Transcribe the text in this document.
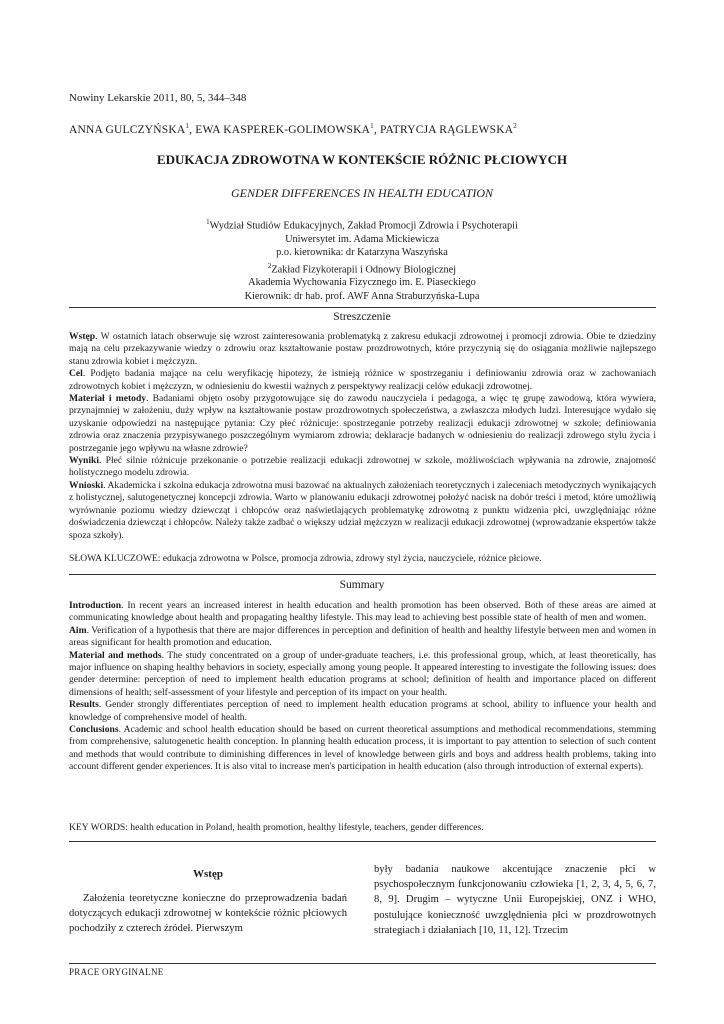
Nowiny Lekarskie 2011, 80, 5, 344–348
ANNA GULCZYŃSKA$^1$, EWA KASPEREK-GOLIMOWSKA$^1$, PATRYCJA RĄGLEWSKA$^2$
EDUKACJA ZDROWOTNA W KONTEKŚCIE RÓŻNIC PŁCIOWYCH
GENDER DIFFERENCES IN HEALTH EDUCATION
$^1$Wydział Studiów Edukacyjnych, Zakład Promocji Zdrowia i Psychoterapii
Uniwersytet im. Adama Mickiewicza
p.o. kierownika: dr Katarzyna Waszyńska
$^2$Zakład Fizykoterapii i Odnowy Biologicznej
Akademia Wychowania Fizycznego im. E. Piaseckiego
Kierownik: dr hab. prof. AWF Anna Straburzyńska-Lupa
Streszczenie

Wstęp. W ostatnich latach obserwuje się wzrost zainteresowania problematyką z zakresu edukacji zdrowotnej i promocji zdrowia. Obie te dziedziny mają na celu przekazywanie wiedzy o zdrowiu oraz kształtowanie postaw prozdrowotnych, które przyczynią się do osiągania możliwie najlepszego stanu zdrowia kobiet i mężczyzn.

Cel. Podjęto badania mające na celu weryfikację hipotezy, że istnieją różnice w spostrzeganiu i definiowaniu zdrowia oraz w zachowaniach zdrowotnych kobiet i mężczyzn, w odniesieniu do kwestii ważnych z perspektywy realizacji celów edukacji zdrowotnej.

Materiał i metody. Badaniami objęto osoby przygotowujące się do zawodu nauczyciela i pedagoga, a więc tę grupę zawodową, która wywiera, przynajmniej w założeniu, duży wpływ na kształtowanie postaw prozdrowotnych społeczeństwa, a zwłaszcza młodych ludzi. Interesujące wydało się uzyskanie odpowiedzi na następujące pytania: Czy płeć różnicuje: spostrzeganie potrzeby realizacji edukacji zdrowotnej w szkole; definiowania zdrowia oraz znaczenia przypisywanego poszczególnym wymiarom zdrowia; deklaracje badanych w odniesieniu do realizacji zdrowego stylu życia i postrzeganie jego wpływu na własne zdrowie?

Wyniki. Płeć silnie różnicuje przekonanie o potrzebie realizacji edukacji zdrowotnej w szkole, możliwościach wpływania na zdrowie, znajomość holistycznego modelu zdrowia.

Wnioski. Akademicka i szkolna edukacja zdrowotna musi bazować na aktualnych założeniach teoretycznych i zaleceniach metodycznych wynikających z holistycznej, salutogenetycznej koncepcji zdrowia. Warto w planowaniu edukacji zdrowotnej położyć nacisk na dobór treści i metod, które umożliwią wyrównanie poziomu wiedzy dziewcząt i chłopców oraz naświetlających problematykę zdrowotną z punktu widzenia płci, uwzględniając różne doświadczenia dziewcząt i chłopców. Należy także zadbać o większy udział mężczyzn w realizacji edukacji zdrowotnej (wprowadzanie ekspertów także spoza szkoły).

SŁOWA KLUCZOWE: edukacja zdrowotna w Polsce, promocja zdrowia, zdrowy styl życia, nauczyciele, różnice płciowe.
Summary

Introduction. In recent years an increased interest in health education and health promotion has been observed. Both of these areas are aimed at communicating knowledge about health and propagating healthy lifestyle. This may lead to achieving best possible state of health of men and women.

Aim. Verification of a hypothesis that there are major differences in perception and definition of health and healthy lifestyle between men and women in areas significant for health promotion and education.

Material and methods. The study concentrated on a group of under-graduate teachers, i.e. this professional group, which, at least theoretically, has major influence on shaping healthy behaviors in society, especially among young people. It appeared interesting to investigate the following issues: does gender determine: perception of need to implement health education programs at school; definition of health and importance placed on different dimensions of health; self-assessment of your lifestyle and perception of its impact on your health.

Results. Gender strongly differentiates perception of need to implement health education programs at school, ability to influence your health and knowledge of comprehensive model of health.

Conclusions. Academic and school health education should be based on current theoretical assumptions and methodical recommendations, stemming from comprehensive, salutogenetic health conception. In planning health education process, it is important to pay attention to selection of such content and methods that would contribute to diminishing differences in level of knowledge between girls and boys and address health problems, taking into account different gender experiences. It is also vital to increase men's participation in health education (also through introduction of external experts).

KEY WORDS: health education in Poland, health promotion, healthy lifestyle, teachers, gender differences.
Wstęp

Założenia teoretyczne konieczne do przeprowadzenia badań dotyczących edukacji zdrowotnej w kontekście różnic płciowych pochodziły z czterech źródeł. Pierwszym

były badania naukowe akcentujące znaczenie płci w psychospołecznym funkcjonowaniu człowieka [1, 2, 3, 4, 5, 6, 7, 8, 9]. Drugim – wytyczne Unii Europejskiej, ONZ i WHO, postulujące konieczność uwzględnienia płci w prozdrowotnych strategiach i działaniach [10, 11, 12]. Trzecim

PRACE ORYGINALNE
